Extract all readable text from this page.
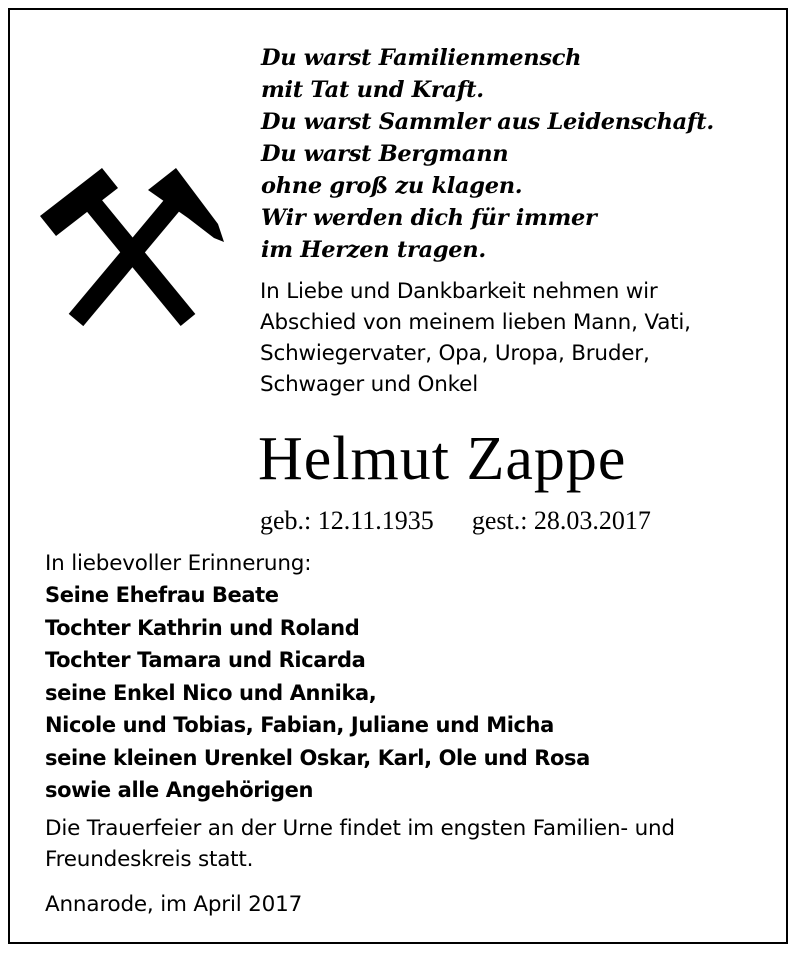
Du warst Familienmensch
mit Tat und Kraft.
Du warst Sammler aus Leidenschaft.
Du warst Bergmann
ohne groß zu klagen.
Wir werden dich für immer
im Herzen tragen.
In Liebe und Dankbarkeit nehmen wir
Abschied von meinem lieben Mann, Vati,
Schwiegervater, Opa, Uropa, Bruder,
Schwager und Onkel
Helmut Zappe
geb.: 12.11.1935 gest.: 28.03.2017
In liebevoller Erinnerung:
Seine Ehefrau Beate
Tochter Kathrin und Roland
Tochter Tamara und Ricarda
seine Enkel Nico und Annika,
Nicole und Tobias, Fabian, Juliane und Micha
seine kleinen Urenkel Oskar, Karl, Ole und Rosa
sowie alle Angehörigen
Die Trauerfeier an der Urne findet im engsten Familien- und
Freundeskreis statt.
Annarode, im April 2017
